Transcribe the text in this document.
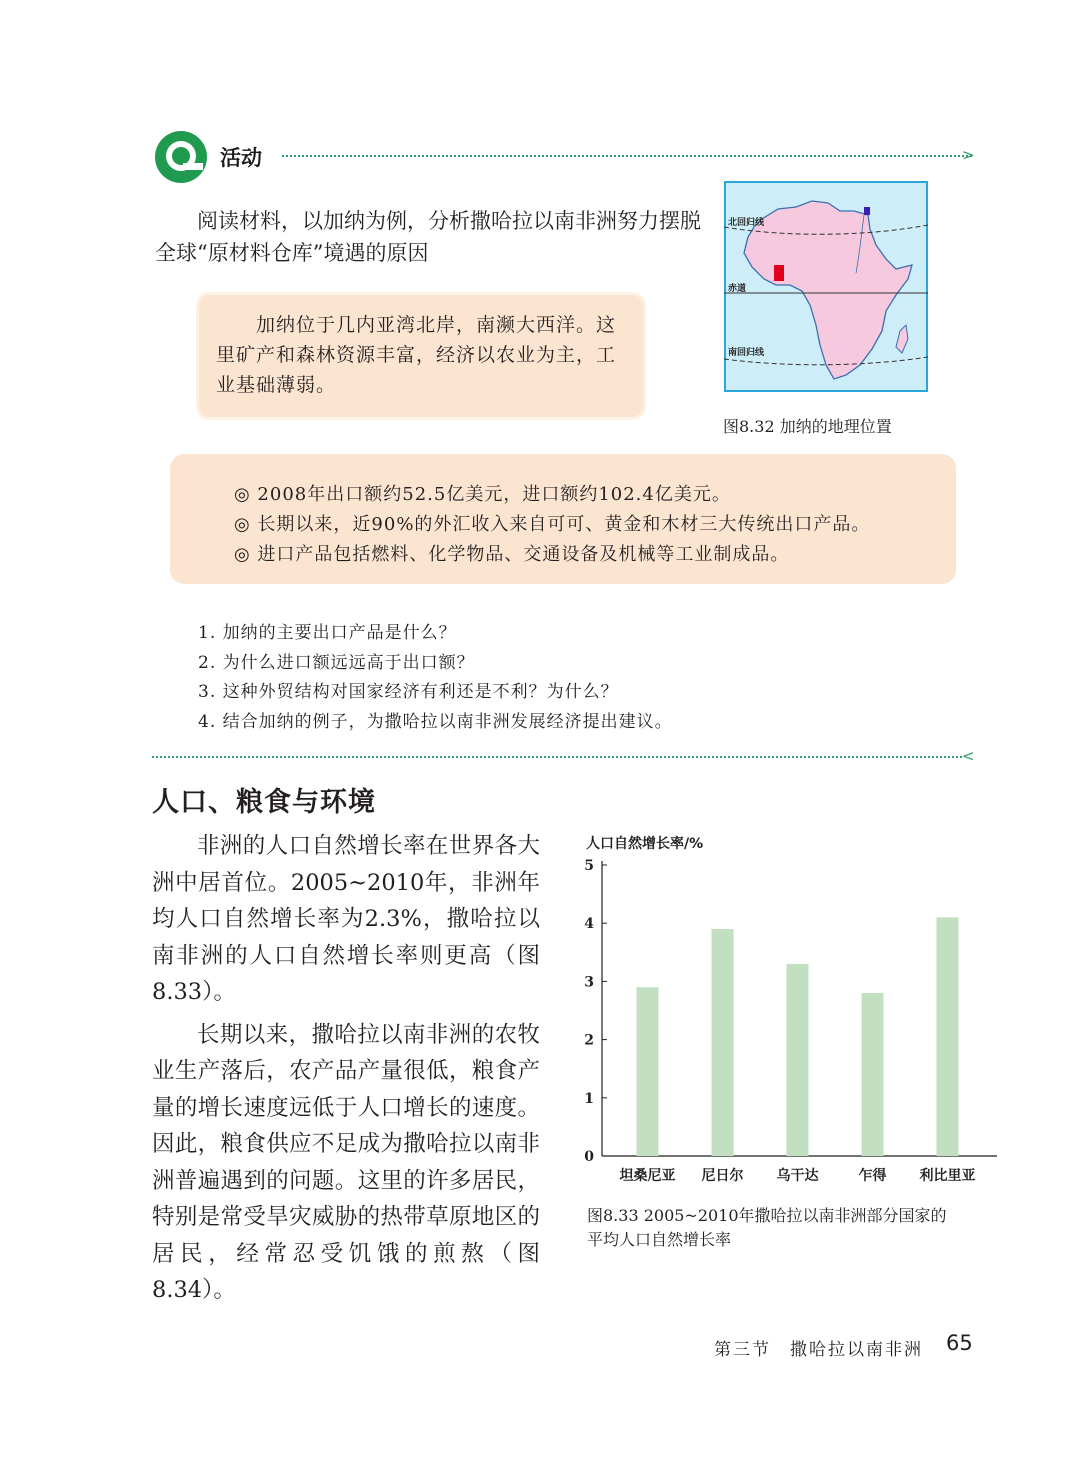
活动	>
阅读材料，以加纳为例，分析撒哈拉以南非洲努力摆脱全球“原材料仓库”境遇的原因

加纳位于几内亚湾北岸，南濒大西洋。这里矿产和森林资源丰富，经济以农业为主，工业基础薄弱。

北回归线
赤道
南回归线
图8.32 加纳的地理位置
◎ 2008年出口额约52.5亿美元，进口额约102.4亿美元。
◎ 长期以来，近90%的外汇收入来自可可、黄金和木材三大传统出口产品。
◎ 进口产品包括燃料、化学物品、交通设备及机械等工业制成品。
1. 加纳的主要出口产品是什么？
2. 为什么进口额远远高于出口额？
3. 这种外贸结构对国家经济有利还是不利？为什么？
4. 结合加纳的例子，为撒哈拉以南非洲发展经济提出建议。
<
人口、粮食与环境

非洲的人口自然增长率在世界各大洲中居首位。2005~2010年，非洲年均人口自然增长率为2.3%，撒哈拉以南非洲的人口自然增长率则更高（图8.33）。

长期以来，撒哈拉以南非洲的农牧业生产落后，农产品产量很低，粮食产量的增长速度远低于人口增长的速度。因此，粮食供应不足成为撒哈拉以南非洲普遍遇到的问题。这里的许多居民，特别是常受旱灾威胁的热带草原地区的居民，经常忍受饥饿的煎熬（图8.34）。

人口自然增长率/%
0
1
2
3
4
5
坦桑尼亚 尼日尔 乌干达	乍得 利比里亚
图8.33 2005~2010年撒哈拉以南非洲部分国家的
平均人口自然增长率
第三节　撒哈拉以南非洲 65
